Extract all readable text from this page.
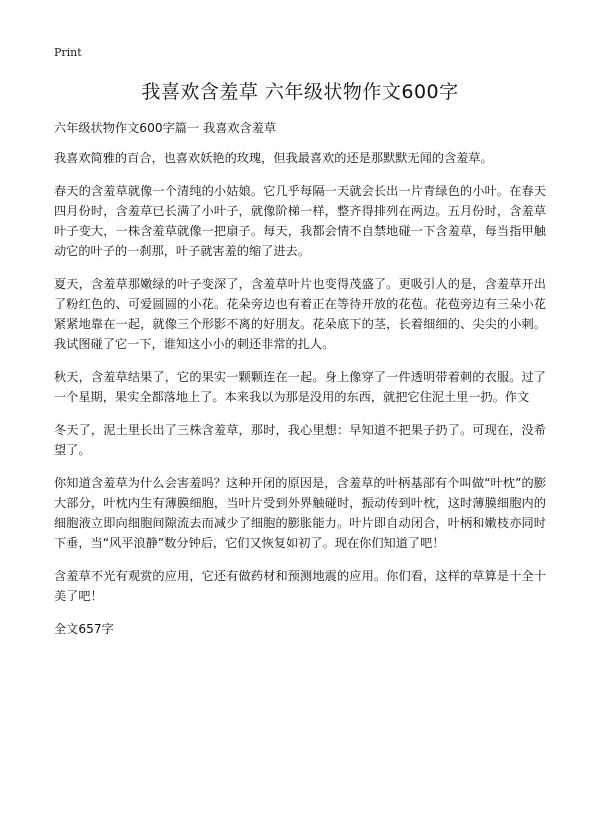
Print
我喜欢含羞草 六年级状物作文600字
六年级状物作文600字篇一 我喜欢含羞草

我喜欢简雅的百合，也喜欢妖艳的玫瑰，但我最喜欢的还是那默默无闻的含羞草。

春天的含羞草就像一个清纯的小姑娘。它几乎每隔一天就会长出一片青绿色的小叶。在春天四月份时，含羞草已长满了小叶子，就像阶梯一样，整齐得排列在两边。五月份时，含羞草叶子变大，一株含羞草就像一把扇子。每天，我都会情不自禁地碰一下含羞草，每当指甲触动它的叶子的一刹那，叶子就害羞的缩了进去。

夏天，含羞草那嫩绿的叶子变深了，含羞草叶片也变得茂盛了。更吸引人的是，含羞草开出了粉红色的、可爱圆圆的小花。花朵旁边也有着正在等待开放的花苞。花苞旁边有三朵小花紧紧地靠在一起，就像三个形影不离的好朋友。花朵底下的茎，长着细细的、尖尖的小刺。我试图碰了它一下，谁知这小小的刺还非常的扎人。

秋天，含羞草结果了，它的果实一颗颗连在一起。身上像穿了一件透明带着刺的衣服。过了一个星期，果实全都落地上了。本来我以为那是没用的东西，就把它住泥土里一扔。作文

冬天了，泥土里长出了三株含羞草，那时，我心里想：早知道不把果子扔了。可现在，没希望了。

你知道含羞草为什么会害羞吗？这种开闭的原因是，含羞草的叶柄基部有个叫做“叶枕”的膨大部分，叶枕内生有薄膜细胞，当叶片受到外界触碰时，振动传到叶枕，这时薄膜细胞内的细胞液立即向细胞间隙流去而减少了细胞的膨胀能力。叶片即自动闭合，叶柄和嫩枝亦同时下垂，当“风平浪静”数分钟后，它们又恢复如初了。现在你们知道了吧！

含羞草不光有观赏的应用，它还有做药材和预测地震的应用。你们看，这样的草算是十全十美了吧！

全文657字
